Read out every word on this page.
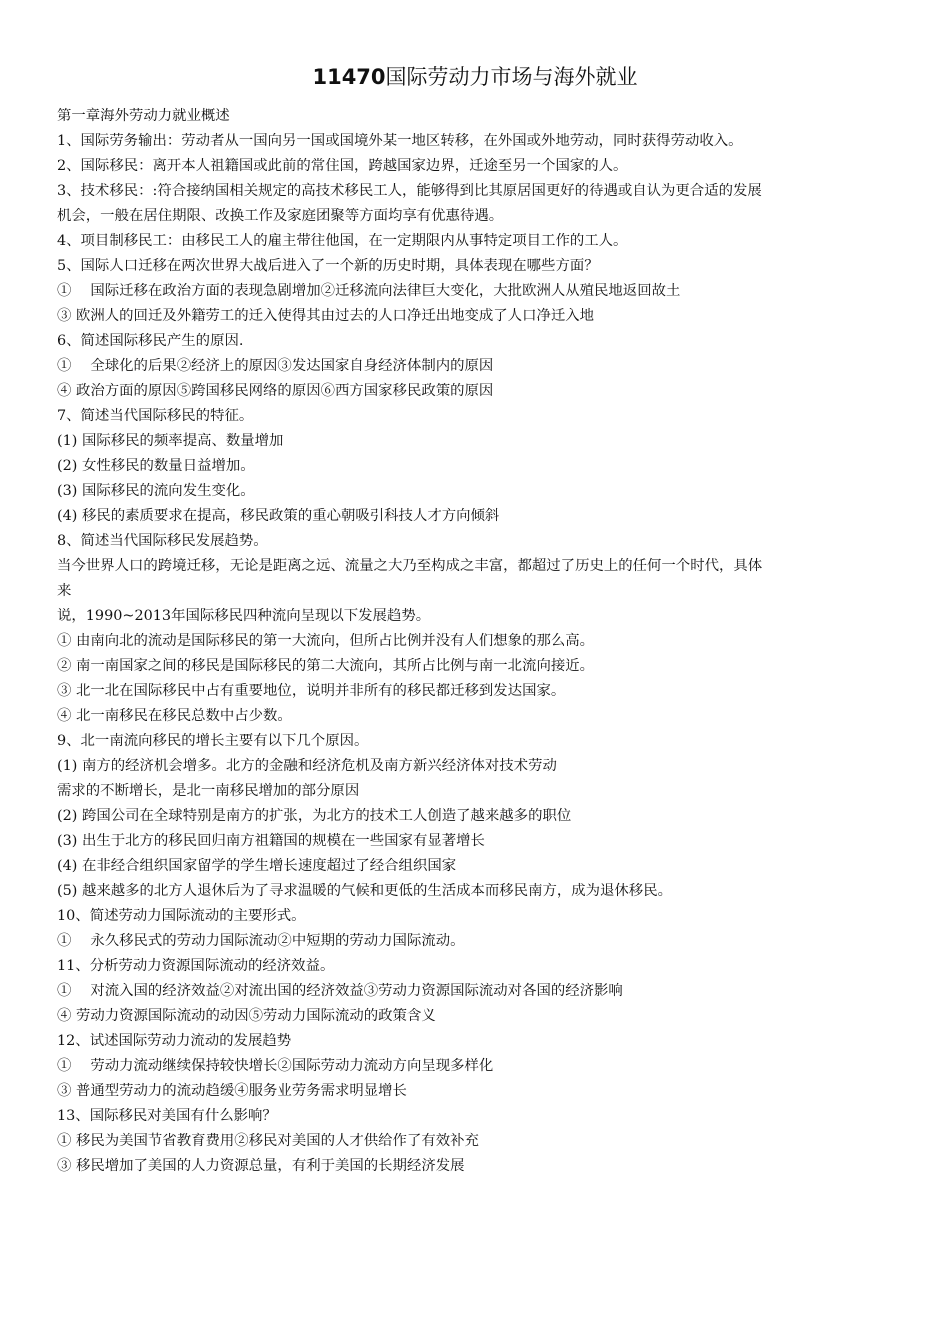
11470国际劳动力市场与海外就业
第一章海外劳动力就业概述
1、国际劳务输出：劳动者从一国向另一国或国境外某一地区转移，在外国或外地劳动，同时获得劳动收入。
2、国际移民：离开本人祖籍国或此前的常住国，跨越国家边界，迁途至另一个国家的人。
3、技术移民：:符合接纳国相关规定的高技术移民工人，能够得到比其原居国更好的待遇或自认为更合适的发展
机会，一般在居住期限、改换工作及家庭团聚等方面均享有优惠待遇。
4、项目制移民工：由移民工人的雇主带往他国，在一定期限内从事特定项目工作的工人。
5、国际人口迁移在两次世界大战后进入了一个新的历史时期，具体表现在哪些方面？
①　 国际迁移在政治方面的表现急剧增加②迁移流向法律巨大变化，大批欧洲人从殖民地返回故土
③ 欧洲人的回迁及外籍劳工的迁入使得其由过去的人口净迁出地变成了人口净迁入地
6、简述国际移民产生的原因.
①　 全球化的后果②经济上的原因③发达国家自身经济体制内的原因
④ 政治方面的原因⑤跨国移民网络的原因⑥西方国家移民政策的原因
7、简述当代国际移民的特征。
(1) 国际移民的频率提高、数量增加
(2) 女性移民的数量日益增加。
(3) 国际移民的流向发生变化。
(4) 移民的素质要求在提高，移民政策的重心朝吸引科技人才方向倾斜
8、简述当代国际移民发展趋势。
当今世界人口的跨境迁移，无论是距离之远、流量之大乃至构成之丰富，都超过了历史上的任何一个时代，具体
来
说，1990~2013年国际移民四种流向呈现以下发展趋势。
① 由南向北的流动是国际移民的第一大流向，但所占比例并没有人们想象的那么高。
② 南一南国家之间的移民是国际移民的第二大流向，其所占比例与南一北流向接近。
③ 北一北在国际移民中占有重要地位，说明并非所有的移民都迁移到发达国家。
④ 北一南移民在移民总数中占少数。
9、北一南流向移民的增长主要有以下几个原因。
(1) 南方的经济机会增多。北方的金融和经济危机及南方新兴经济体对技术劳动
需求的不断增长，是北一南移民增加的部分原因
(2) 跨国公司在全球特别是南方的扩张，为北方的技术工人创造了越来越多的职位
(3) 出生于北方的移民回归南方祖籍国的规模在一些国家有显著增长
(4) 在非经合组织国家留学的学生增长速度超过了经合组织国家
(5) 越来越多的北方人退休后为了寻求温暖的气候和更低的生活成本而移民南方，成为退休移民。
10、简述劳动力国际流动的主要形式。
①　 永久移民式的劳动力国际流动②中短期的劳动力国际流动。
11、分析劳动力资源国际流动的经济效益。
①　 对流入国的经济效益②对流出国的经济效益③劳动力资源国际流动对各国的经济影响
④ 劳动力资源国际流动的动因⑤劳动力国际流动的政策含义
12、试述国际劳动力流动的发展趋势
①　 劳动力流动继续保持较快增长②国际劳动力流动方向呈现多样化
③ 普通型劳动力的流动趋缓④服务业劳务需求明显增长
13、国际移民对美国有什么影响？
① 移民为美国节省教育费用②移民对美国的人才供给作了有效补充
③ 移民增加了美国的人力资源总量，有利于美国的长期经济发展
